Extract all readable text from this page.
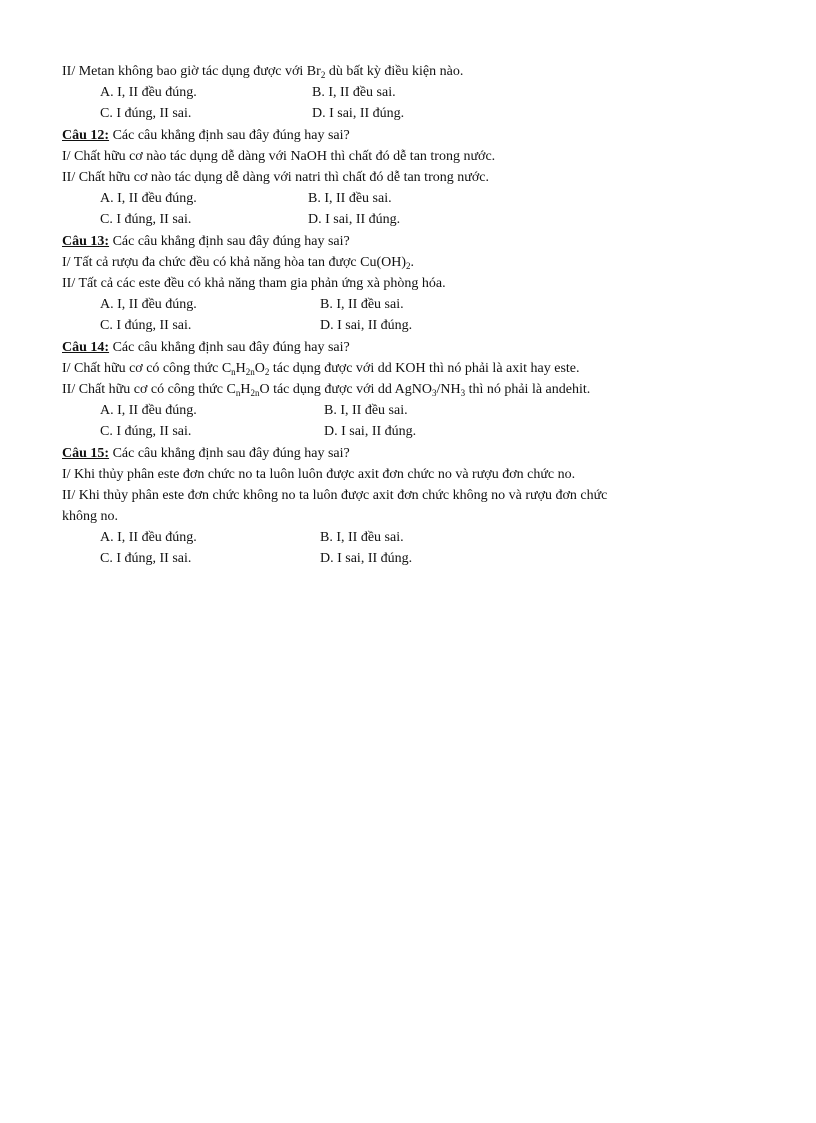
II/ Metan không bao giờ tác dụng được với $Br_2$ dù bất kỳ điều kiện nào.
A. I, II đều đúng.	B. I, II đều sai.
C. I đúng, II sai.	D. I sai, II đúng.
Câu 12: Các câu khẳng định sau đây đúng hay sai?
I/ Chất hữu cơ nào tác dụng dễ dàng với NaOH thì chất đó dễ tan trong nước.
II/ Chất hữu cơ nào tác dụng dễ dàng với natri thì chất đó dễ tan trong nước.
A. I, II đều đúng.	B. I, II đều sai.
C. I đúng, II sai.	D. I sai, II đúng.
Câu 13: Các câu khẳng định sau đây đúng hay sai?
I/ Tất cả rượu đa chức đều có khả năng hòa tan được $Cu(OH)_2$.
II/ Tất cả các este đều có khả năng tham gia phản ứng xà phòng hóa.
A. I, II đều đúng.	B. I, II đều sai.
C. I đúng, II sai.	D. I sai, II đúng.
Câu 14: Các câu khẳng định sau đây đúng hay sai?
I/ Chất hữu cơ có công thức $C_nH_{2n}O_2$ tác dụng được với dd KOH thì nó phải là axit hay este.
II/ Chất hữu cơ có công thức $C_nH_{2n}O$ tác dụng được với dd $AgNO_3/NH_3$ thì nó phải là andehit.
A. I, II đều đúng.	B. I, II đều sai.
C. I đúng, II sai.	D. I sai, II đúng.
Câu 15: Các câu khẳng định sau đây đúng hay sai?
I/ Khi thủy phân este đơn chức no ta luôn luôn được axit đơn chức no và rượu đơn chức no.
II/ Khi thủy phân este đơn chức không no ta luôn được axit đơn chức không no và rượu đơn chức
không no.
A. I, II đều đúng.	B. I, II đều sai.
C. I đúng, II sai.	D. I sai, II đúng.
